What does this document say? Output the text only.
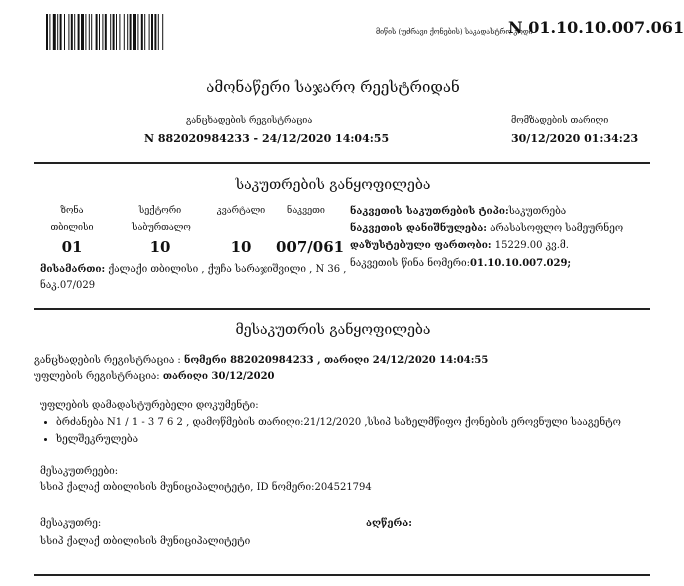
მიწის (უძრავი ქონების) საკადასტრო კოდი
N 01.10.10.007.061
ამონაწერი საჯარო რეესტრიდან
განცხადების რეგისტრაცია
N 882020984233 - 24/12/2020 14:04:55
მომზადების თარიღი
30/12/2020 01:34:23
საკუთრების განყოფილება
ზონა	სექტორი	კვარტალი	ნაკვეთი
თბილისი	საბურთალო
01	10	10	007/061
მისამართი: ქალაქი თბილისი , ქუჩა სარაჯიშვილი , N 36 ,
ნაკ.07/029
ნაკვეთის საკუთრების ტიპი:საკუთრება
ნაკვეთის დანიშნულება: არასასოფლო სამეურნეო
დაზუსტებული ფართობი: 15229.00 კვ.მ.
ნაკვეთის წინა ნომერი:01.10.10.007.029;
მესაკუთრის განყოფილება
განცხადების რეგისტრაცია : ნომერი 882020984233 , თარიღი 24/12/2020 14:04:55
უფლების რეგისტრაცია: თარიღი 30/12/2020
უფლების დამადასტურებელი დოკუმენტი:
• ბრძანება N1 / 1 - 3 7 6 2 , დამოწმების თარიღი:21/12/2020 ,სსიპ სახელმწიფო ქონების ეროვნული სააგენტო
• ხელშეკრულება
მესაკუთრეები:
სსიპ ქალაქ თბილისის მუნიციპალიტეტი, ID ნომერი:204521794
მესაკუთრე:
სსიპ ქალაქ თბილისის მუნიციპალიტეტი
აღწერა:
